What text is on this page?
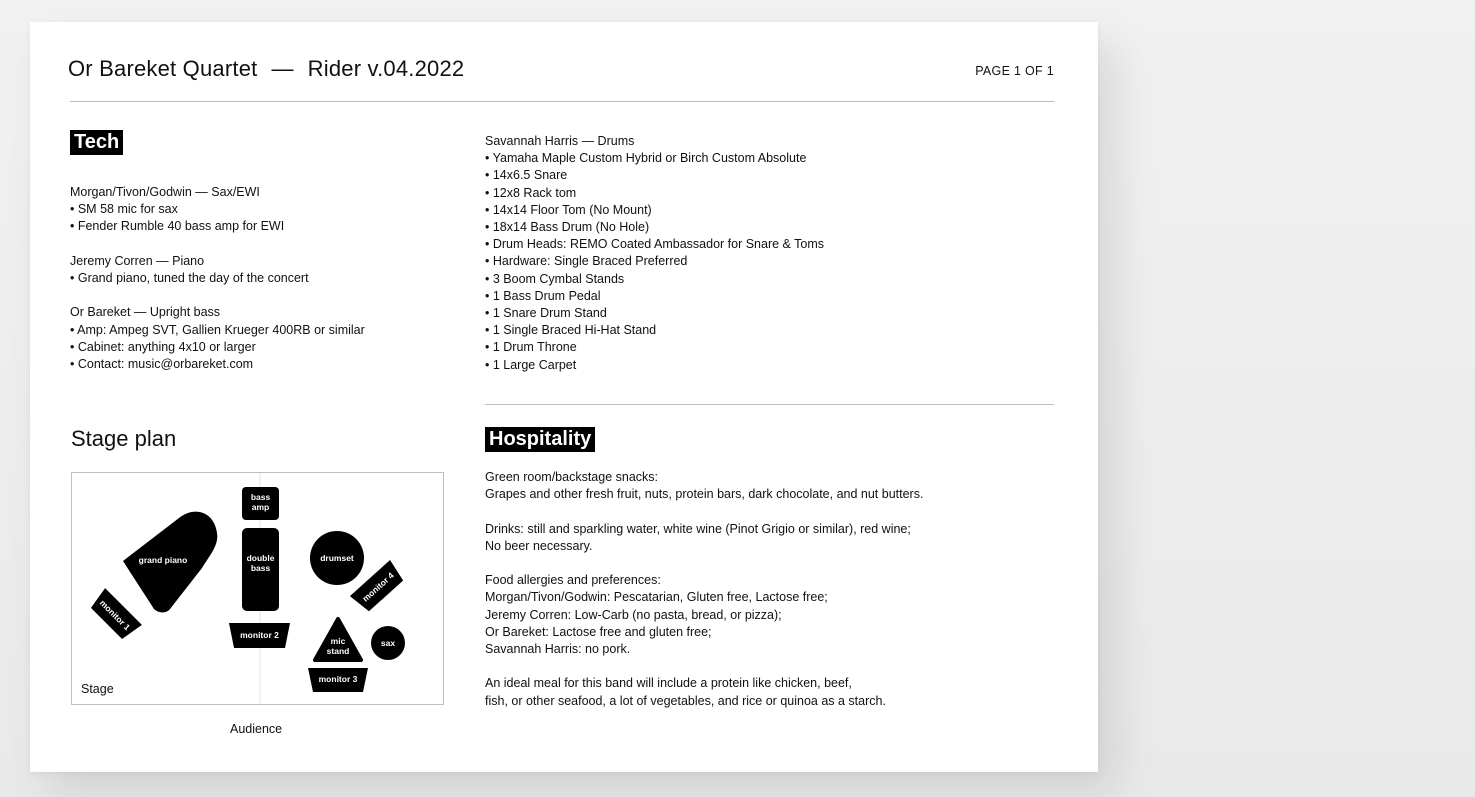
Or Bareket Quartet — Rider v.04.2022	PAGE 1 OF 1
Tech
Morgan/Tivon/Godwin — Sax/EWI
• SM 58 mic for sax
• Fender Rumble 40 bass amp for EWI
Jeremy Corren — Piano
• Grand piano, tuned the day of the concert
Or Bareket — Upright bass
• Amp: Ampeg SVT, Gallien Krueger 400RB or similar
• Cabinet: anything 4x10 or larger
• Contact: music@orbareket.com
Savannah Harris — Drums
• Yamaha Maple Custom Hybrid or Birch Custom Absolute
• 14x6.5 Snare
• 12x8 Rack tom
• 14x14 Floor Tom (No Mount)
• 18x14 Bass Drum (No Hole)
• Drum Heads: REMO Coated Ambassador for Snare & Toms
• Hardware: Single Braced Preferred
• 3 Boom Cymbal Stands
• 1 Bass Drum Pedal
• 1 Snare Drum Stand
• 1 Single Braced Hi-Hat Stand
• 1 Drum Throne
• 1 Large Carpet
Stage plan
bass
amp
grand piano	double
bass
drumset
monitor 4
monitor 1
monitor 2
mic
stand
sax
monitor 3
Stage
Audience
Hospitality
Green room/backstage snacks:
Grapes and other fresh fruit, nuts, protein bars, dark chocolate, and nut butters.
Drinks: still and sparkling water, white wine (Pinot Grigio or similar), red wine;
No beer necessary.
Food allergies and preferences:
Morgan/Tivon/Godwin: Pescatarian, Gluten free, Lactose free;
Jeremy Corren: Low-Carb (no pasta, bread, or pizza);
Or Bareket: Lactose free and gluten free;
Savannah Harris: no pork.
An ideal meal for this band will include a protein like chicken, beef,
fish, or other seafood, a lot of vegetables, and rice or quinoa as a starch.
